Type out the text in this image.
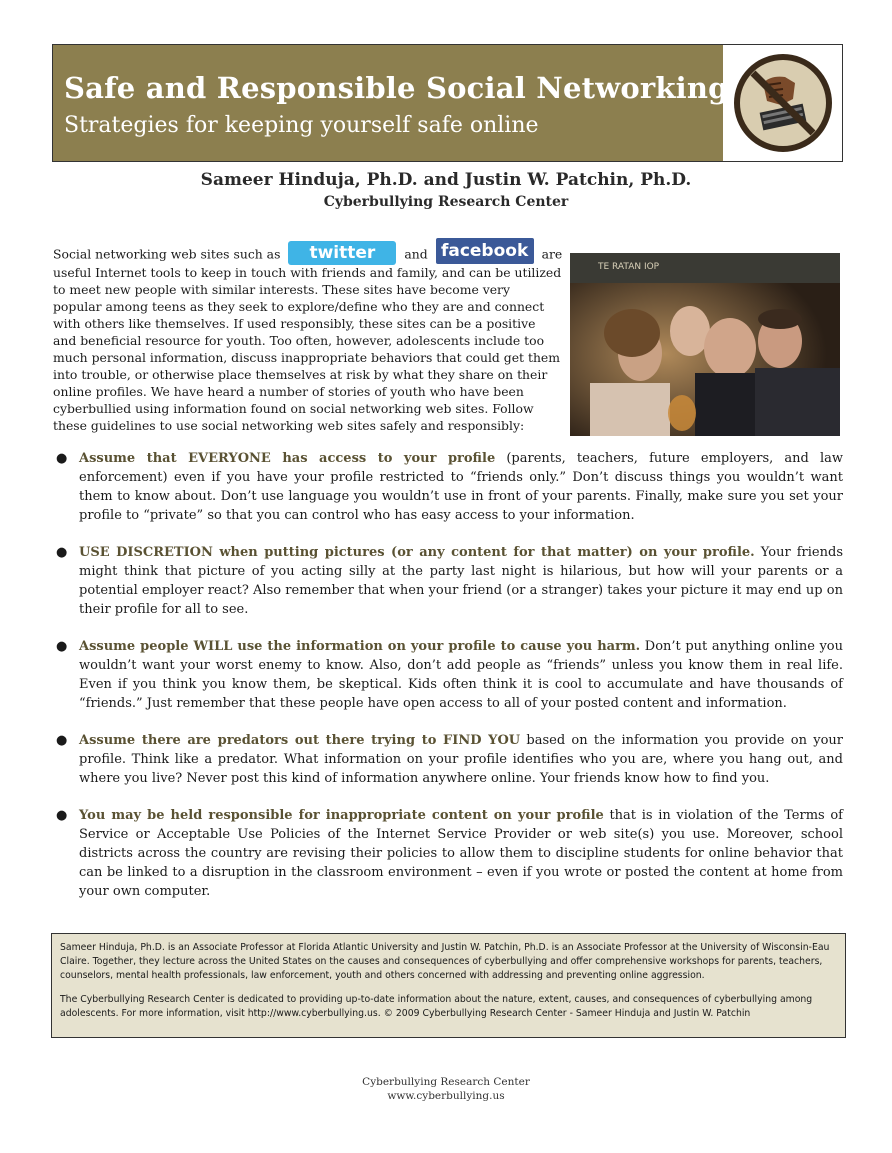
Safe and Responsible Social Networking
Strategies for keeping yourself safe online
Sameer Hinduja, Ph.D. and Justin W. Patchin, Ph.D.
Cyberbullying Research Center
Social networking web sites such as twitter and facebook are
useful Internet tools to keep in touch with friends and family, and can be utilized
to meet new people with similar interests. These sites have become very
popular among teens as they seek to explore/define who they are and connect
with others like themselves. If used responsibly, these sites can be a positive
and beneficial resource for youth. Too often, however, adolescents include too
much personal information, discuss inappropriate behaviors that could get them
into trouble, or otherwise place themselves at risk by what they share on their
online profiles. We have heard a number of stories of youth who have been
cyberbullied using information found on social networking web sites. Follow
these guidelines to use social networking web sites safely and responsibly:
TE RATAN IOP
● Assume that EVERYONE has access to your profile (parents, teachers, future employers, and law enforcement) even if you have your profile restricted to “friends only.” Don’t discuss things you wouldn’t want them to know about. Don’t use language you wouldn’t use in front of your parents. Finally, make sure you set your profile to “private” so that you can control who has easy access to your information.
● USE DISCRETION when putting pictures (or any content for that matter) on your profile. Your friends might think that picture of you acting silly at the party last night is hilarious, but how will your parents or a potential employer react? Also remember that when your friend (or a stranger) takes your picture it may end up on their profile for all to see.
● Assume people WILL use the information on your profile to cause you harm. Don’t put anything online you wouldn’t want your worst enemy to know. Also, don’t add people as “friends” unless you know them in real life. Even if you think you know them, be skeptical. Kids often think it is cool to accumulate and have thousands of “friends.” Just remember that these people have open access to all of your posted content and information.
● Assume there are predators out there trying to FIND YOU based on the information you provide on your profile. Think like a predator. What information on your profile identifies who you are, where you hang out, and where you live? Never post this kind of information anywhere online. Your friends know how to find you.
● You may be held responsible for inappropriate content on your profile that is in violation of the Terms of Service or Acceptable Use Policies of the Internet Service Provider or web site(s) you use. Moreover, school districts across the country are revising their policies to allow them to discipline students for online behavior that can be linked to a disruption in the classroom environment – even if you wrote or posted the content at home from your own computer.

Sameer Hinduja, Ph.D. is an Associate Professor at Florida Atlantic University and Justin W. Patchin, Ph.D. is an Associate Professor at the University of Wisconsin-Eau Claire. Together, they lecture across the United States on the causes and consequences of cyberbullying and offer comprehensive workshops for parents, teachers, counselors, mental health professionals, law enforcement, youth and others concerned with addressing and preventing online aggression.

The Cyberbullying Research Center is dedicated to providing up-to-date information about the nature, extent, causes, and consequences of cyberbullying among adolescents. For more information, visit http://www.cyberbullying.us. © 2009 Cyberbullying Research Center - Sameer Hinduja and Justin W. Patchin

Cyberbullying Research Center
www.cyberbullying.us
